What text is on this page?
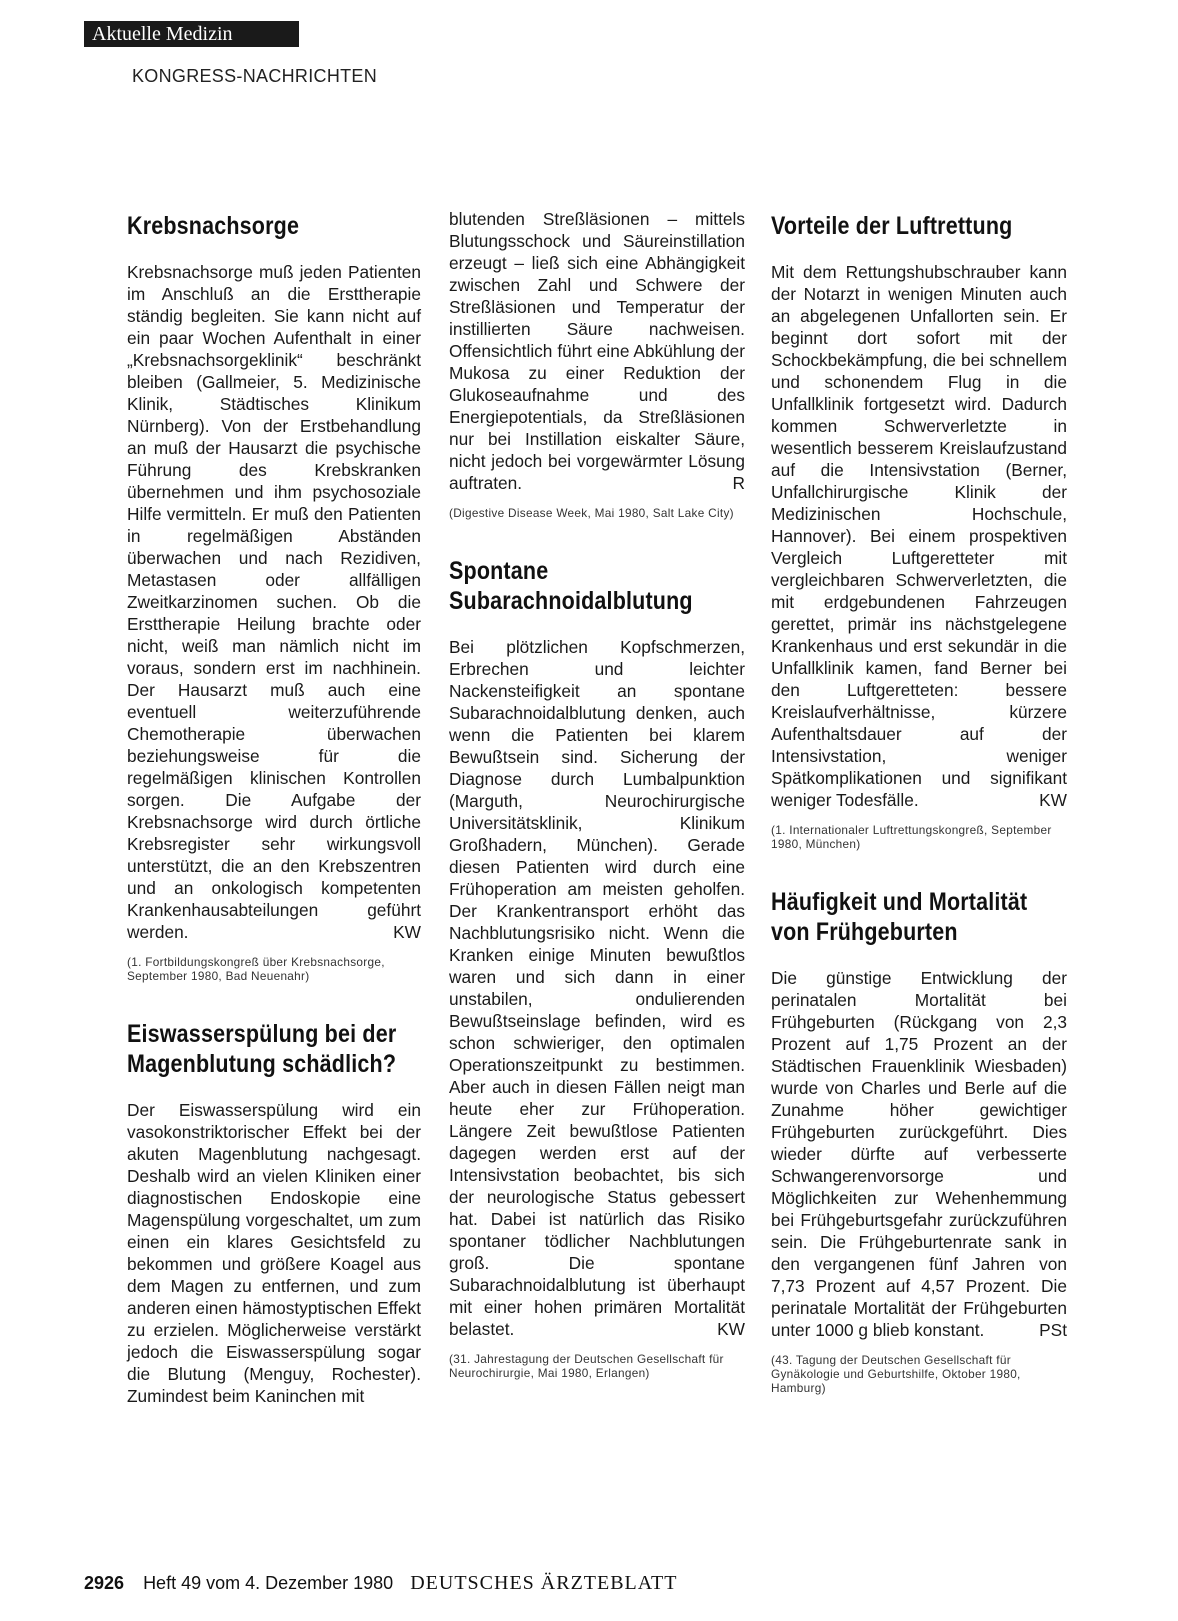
Aktuelle Medizin
KONGRESS-NACHRICHTEN
Krebsnachsorge

Krebsnachsorge muß jeden Patienten im Anschluß an die Ersttherapie ständig begleiten. Sie kann nicht auf ein paar Wochen Aufenthalt in einer „Krebsnachsorgeklinik“ beschränkt bleiben (Gallmeier, 5. Medizinische Klinik, Städtisches Klinikum Nürnberg). Von der Erstbehandlung an muß der Hausarzt die psychische Führung des Krebskranken übernehmen und ihm psychosoziale Hilfe vermitteln. Er muß den Patienten in regelmäßigen Abständen überwachen und nach Rezidiven, Metastasen oder allfälligen Zweitkarzinomen suchen. Ob die Ersttherapie Heilung brachte oder nicht, weiß man nämlich nicht im voraus, sondern erst im nachhinein. Der Hausarzt muß auch eine eventuell weiterzuführende Chemotherapie überwachen beziehungsweise für die regelmäßigen klinischen Kontrollen sorgen. Die Aufgabe der Krebsnachsorge wird durch örtliche Krebsregister sehr wirkungsvoll unterstützt, die an den Krebszentren und an onkologisch kompetenten Krankenhausabteilungen geführt werden.	KW

(1. Fortbildungskongreß über Krebsnachsorge, September 1980, Bad Neuenahr)

Eiswasserspülung bei der Magenblutung schädlich?

Der Eiswasserspülung wird ein vasokonstriktorischer Effekt bei der akuten Magenblutung nachgesagt. Deshalb wird an vielen Kliniken einer diagnostischen Endoskopie eine Magenspülung vorgeschaltet, um zum einen ein klares Gesichtsfeld zu bekommen und größere Koagel aus dem Magen zu entfernen, und zum anderen einen hämostyptischen Effekt zu erzielen. Möglicherweise verstärkt jedoch die Eiswasserspülung sogar die Blutung (Menguy, Rochester). Zumindest beim Kaninchen mit

blutenden Streßläsionen – mittels Blutungsschock und Säureinstillation erzeugt – ließ sich eine Abhängigkeit zwischen Zahl und Schwere der Streßläsionen und Temperatur der instillierten Säure nachweisen. Offensichtlich führt eine Abkühlung der Mukosa zu einer Reduktion der Glukoseaufnahme und des Energiepotentials, da Streßläsionen nur bei Instillation eiskalter Säure, nicht jedoch bei vorgewärmter Lösung auftraten.	R

(Digestive Disease Week, Mai 1980, Salt Lake City)

Spontane Subarachnoidalblutung

Bei plötzlichen Kopfschmerzen, Erbrechen und leichter Nackensteifigkeit an spontane Subarachnoidalblutung denken, auch wenn die Patienten bei klarem Bewußtsein sind. Sicherung der Diagnose durch Lumbalpunktion (Marguth, Neurochirurgische Universitätsklinik, Klinikum Großhadern, München). Gerade diesen Patienten wird durch eine Frühoperation am meisten geholfen. Der Krankentransport erhöht das Nachblutungsrisiko nicht. Wenn die Kranken einige Minuten bewußtlos waren und sich dann in einer unstabilen, ondulierenden Bewußtseinslage befinden, wird es schon schwieriger, den optimalen Operationszeitpunkt zu bestimmen. Aber auch in diesen Fällen neigt man heute eher zur Frühoperation. Längere Zeit bewußtlose Patienten dagegen werden erst auf der Intensivstation beobachtet, bis sich der neurologische Status gebessert hat. Dabei ist natürlich das Risiko spontaner tödlicher Nachblutungen groß. Die spontane Subarachnoidalblutung ist überhaupt mit einer hohen primären Mortalität belastet.	KW

(31. Jahrestagung der Deutschen Gesellschaft für Neurochirurgie, Mai 1980, Erlangen)

Vorteile der Luftrettung

Mit dem Rettungshubschrauber kann der Notarzt in wenigen Minuten auch an abgelegenen Unfallorten sein. Er beginnt dort sofort mit der Schockbekämpfung, die bei schnellem und schonendem Flug in die Unfallklinik fortgesetzt wird. Dadurch kommen Schwerverletzte in wesentlich besserem Kreislaufzustand auf die Intensivstation (Berner, Unfallchirurgische Klinik der Medizinischen Hochschule, Hannover). Bei einem prospektiven Vergleich Luftgeretteter mit vergleichbaren Schwerverletzten, die mit erdgebundenen Fahrzeugen gerettet, primär ins nächstgelegene Krankenhaus und erst sekundär in die Unfallklinik kamen, fand Berner bei den Luftgeretteten: bessere Kreislaufverhältnisse, kürzere Aufenthaltsdauer auf der Intensivstation, weniger Spätkomplikationen und signifikant weniger Todesfälle.	KW

(1. Internationaler Luftrettungskongreß, September 1980, München)

Häufigkeit und Mortalität von Frühgeburten

Die günstige Entwicklung der perinatalen Mortalität bei Frühgeburten (Rückgang von 2,3 Prozent auf 1,75 Prozent an der Städtischen Frauenklinik Wiesbaden) wurde von Charles und Berle auf die Zunahme höher gewichtiger Frühgeburten zurückgeführt. Dies wieder dürfte auf verbesserte Schwangerenvorsorge und Möglichkeiten zur Wehenhemmung bei Frühgeburtsgefahr zurückzuführen sein. Die Frühgeburtenrate sank in den vergangenen fünf Jahren von 7,73 Prozent auf 4,57 Prozent. Die perinatale Mortalität der Frühgeburten unter 1000 g blieb konstant.	PSt

(43. Tagung der Deutschen Gesellschaft für Gynäkologie und Geburtshilfe, Oktober 1980, Hamburg)

2926 Heft 49 vom 4. Dezember 1980 DEUTSCHES ÄRZTEBLATT
